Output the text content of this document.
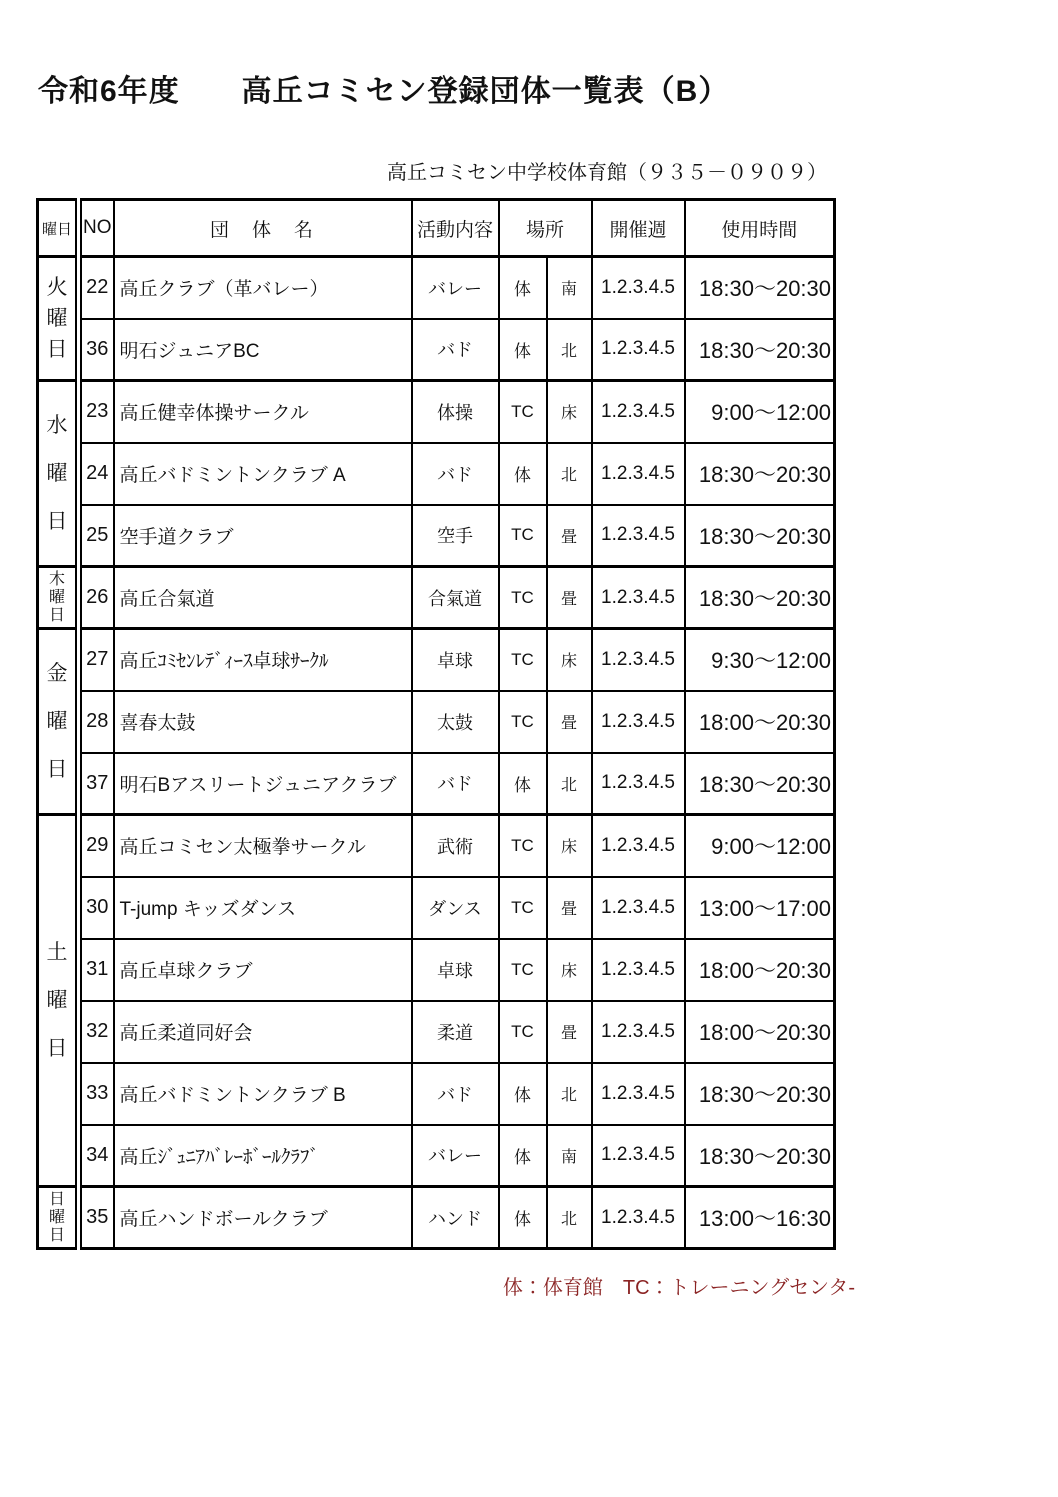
令和6年度　　高丘コミセン登録団体一覧表（B）
高丘コミセン中学校体育館（９３５－０９０９）
曜日	NO	団　体　名	活動内容	場所		開催週	使用時間

火
曜
日	22	高丘クラブ（革バレー）	バレー	体	南	1.2.3.4.5	18:30～20:30
	36	明石ジュニアBC	バド	体	北	1.2.3.4.5	18:30～20:30

水
曜
日	23	高丘健幸体操サークル	体操	TC	床	1.2.3.4.5	9:00～12:00
	24	高丘バドミントンクラブ A	バド	体	北	1.2.3.4.5	18:30～20:30
	25	空手道クラブ	空手	TC	畳	1.2.3.4.5	18:30～20:30

木
曜
日	26	高丘合氣道	合氣道	TC	畳	1.2.3.4.5	18:30～20:30

金
曜
日	27	高丘ｺﾐｾﾝﾚﾃﾞｨｰｽ卓球ｻｰｸﾙ	卓球	TC	床	1.2.3.4.5	9:30～12:00
	28	喜春太鼓	太鼓	TC	畳	1.2.3.4.5	18:00～20:30
	37	明石Bアスリートジュニアクラブ	バド	体	北	1.2.3.4.5	18:30～20:30

土
曜
日	29	高丘コミセン太極拳サークル	武術	TC	床	1.2.3.4.5	9:00～12:00
	30	T-jump キッズダンス	ダンス	TC	畳	1.2.3.4.5	13:00～17:00
	31	高丘卓球クラブ	卓球	TC	床	1.2.3.4.5	18:00～20:30
	32	高丘柔道同好会	柔道	TC	畳	1.2.3.4.5	18:00～20:30
	33	高丘バドミントンクラブ B	バド	体	北	1.2.3.4.5	18:30～20:30
	34	高丘ｼﾞｭﾆｱﾊﾞﾚｰﾎﾞｰﾙｸﾗﾌﾞ	バレー	体	南	1.2.3.4.5	18:30～20:30

日
曜
日	35	高丘ハンドボールクラブ	ハンド	体	北	1.2.3.4.5	13:00～16:30
体：体育館　TC：トレーニングセンタ-
